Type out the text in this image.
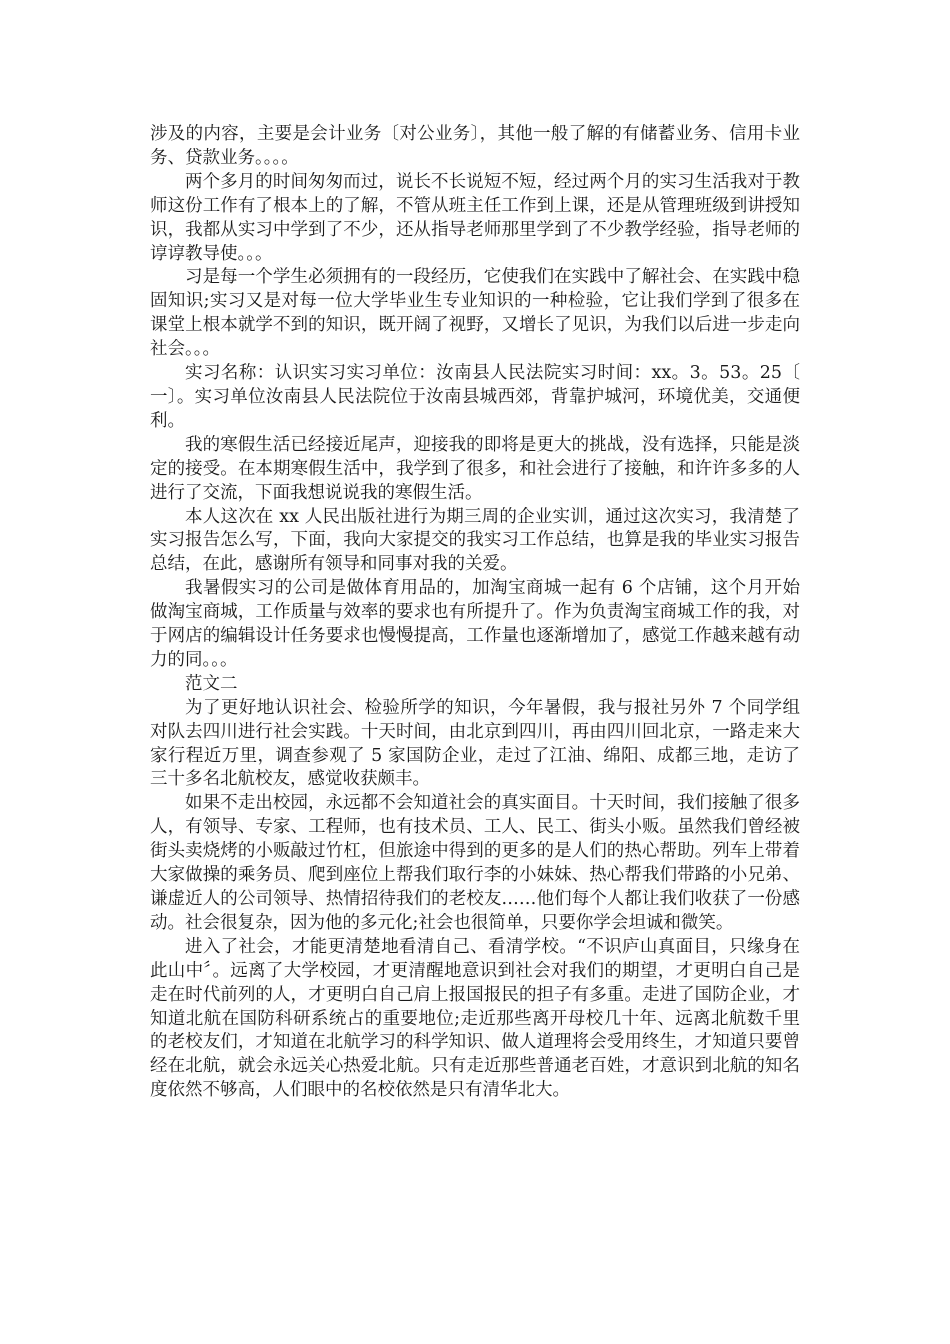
涉及的内容，主要是会计业务〔对公业务〕，其他一般了解的有储蓄业务、信用卡业务、贷款业务。。。。

两个多月的时间匆匆而过，说长不长说短不短，经过两个月的实习生活我对于教师这份工作有了根本上的了解，不管从班主任工作到上课，还是从管理班级到讲授知识，我都从实习中学到了不少，还从指导老师那里学到了不少教学经验，指导老师的谆谆教导使。。。

习是每一个学生必须拥有的一段经历，它使我们在实践中了解社会、在实践中稳固知识;实习又是对每一位大学毕业生专业知识的一种检验，它让我们学到了很多在课堂上根本就学不到的知识，既开阔了视野，又增长了见识，为我们以后进一步走向社会。。。

实习名称：认识实习实习单位：汝南县人民法院实习时间：xx。3。53。25〔一〕。实习单位汝南县人民法院位于汝南县城西郊，背靠护城河，环境优美，交通便利。

我的寒假生活已经接近尾声，迎接我的即将是更大的挑战，没有选择，只能是淡定的接受。在本期寒假生活中，我学到了很多，和社会进行了接触，和许许多多的人进行了交流，下面我想说说我的寒假生活。

本人这次在 xx 人民出版社进行为期三周的企业实训，通过这次实习，我清楚了实习报告怎么写，下面，我向大家提交的我实习工作总结，也算是我的毕业实习报告总结，在此，感谢所有领导和同事对我的关爱。

我暑假实习的公司是做体育用品的，加淘宝商城一起有 6 个店铺，这个月开始做淘宝商城，工作质量与效率的要求也有所提升了。作为负责淘宝商城工作的我，对于网店的编辑设计任务要求也慢慢提高，工作量也逐渐增加了，感觉工作越来越有动力的同。。。

范文二

为了更好地认识社会、检验所学的知识，今年暑假，我与报社另外 7 个同学组对队去四川进行社会实践。十天时间，由北京到四川，再由四川回北京，一路走来大家行程近万里，调查参观了 5 家国防企业，走过了江油、绵阳、成都三地，走访了三十多名北航校友，感觉收获颇丰。

如果不走出校园，永远都不会知道社会的真实面目。十天时间，我们接触了很多人，有领导、专家、工程师，也有技术员、工人、民工、街头小贩。虽然我们曾经被街头卖烧烤的小贩敲过竹杠，但旅途中得到的更多的是人们的热心帮助。列车上带着大家做操的乘务员、爬到座位上帮我们取行李的小妹妹、热心帮我们带路的小兄弟、谦虚近人的公司领导、热情招待我们的老校友……他们每个人都让我们收获了一份感动。社会很复杂，因为他的多元化;社会也很简单，只要你学会坦诚和微笑。

进入了社会，才能更清楚地看清自己、看清学校。“不识庐山真面目，只缘身在此山中〞。远离了大学校园，才更清醒地意识到社会对我们的期望，才更明白自己是走在时代前列的人，才更明白自己肩上报国报民的担子有多重。走进了国防企业，才知道北航在国防科研系统占的重要地位;走近那些离开母校几十年、远离北航数千里的老校友们，才知道在北航学习的科学知识、做人道理将会受用终生，才知道只要曾经在北航，就会永远关心热爱北航。只有走近那些普通老百姓，才意识到北航的知名度依然不够高，人们眼中的名校依然是只有清华北大。
